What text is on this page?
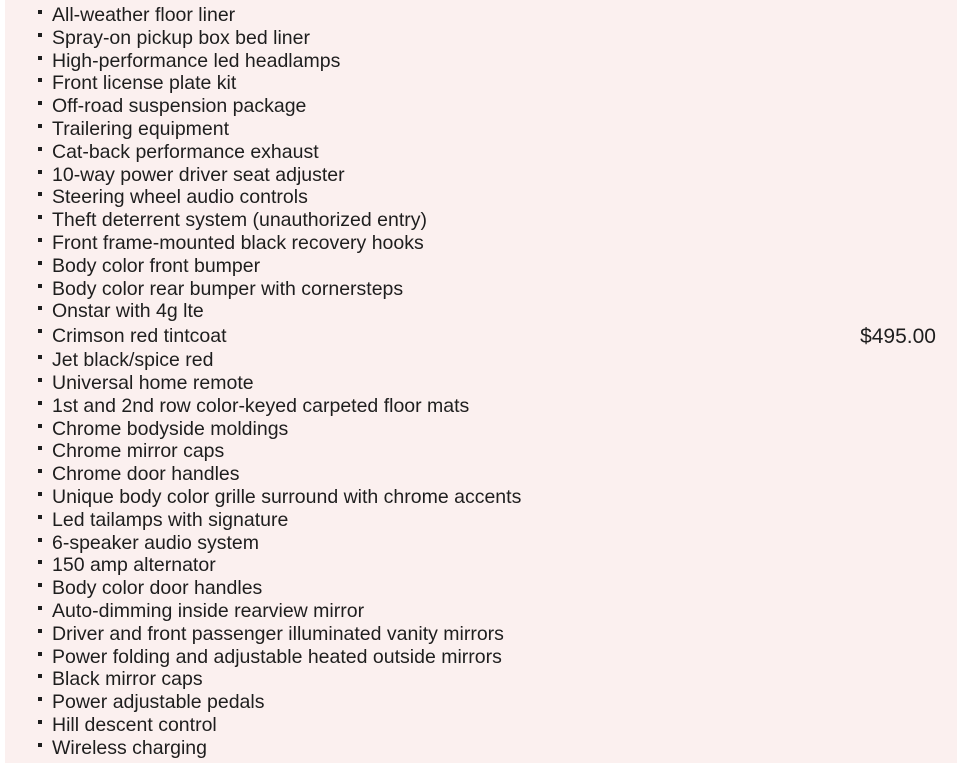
All-weather floor liner
Spray-on pickup box bed liner
High-performance led headlamps
Front license plate kit
Off-road suspension package
Trailering equipment
Cat-back performance exhaust
10-way power driver seat adjuster
Steering wheel audio controls
Theft deterrent system (unauthorized entry)
Front frame-mounted black recovery hooks
Body color front bumper
Body color rear bumper with cornersteps
Onstar with 4g lte
Crimson red tintcoat
Jet black/spice red
Universal home remote
1st and 2nd row color-keyed carpeted floor mats
Chrome bodyside moldings
Chrome mirror caps
Chrome door handles
Unique body color grille surround with chrome accents
Led tailamps with signature
6-speaker audio system
150 amp alternator
Body color door handles
Auto-dimming inside rearview mirror
Driver and front passenger illuminated vanity mirrors
Power folding and adjustable heated outside mirrors
Black mirror caps
Power adjustable pedals
Hill descent control
Wireless charging
$495.00
